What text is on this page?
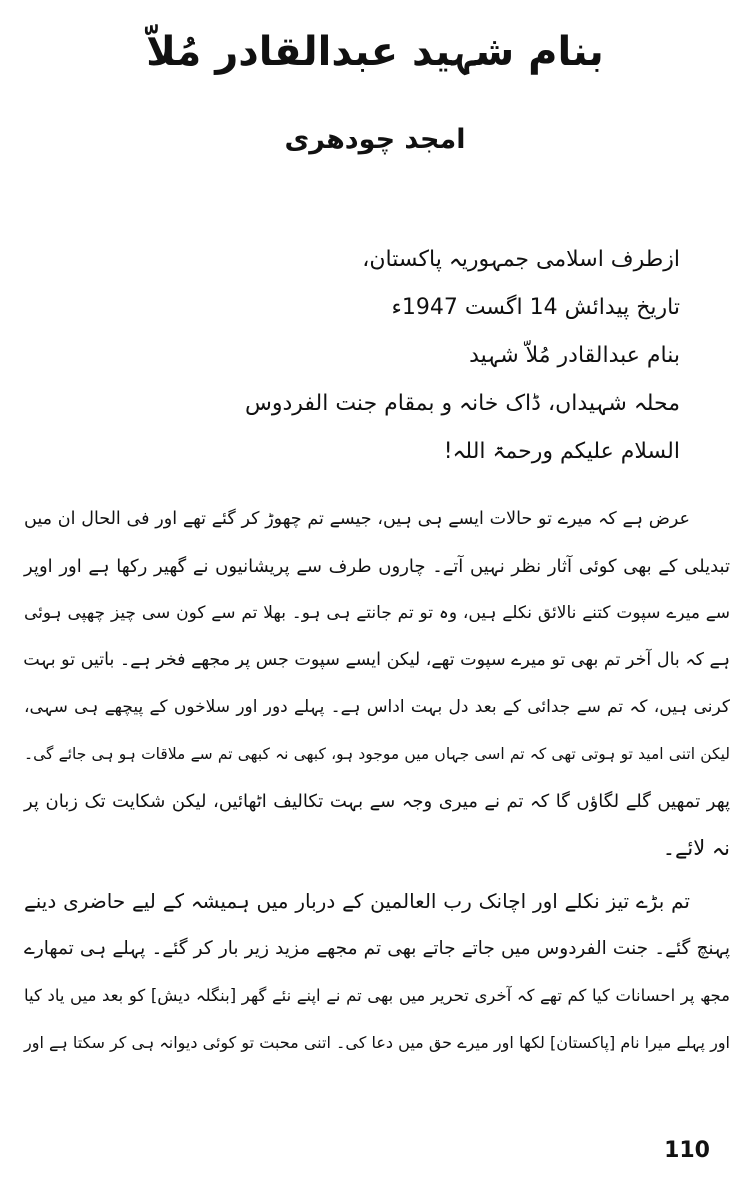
بنام شہید عبدالقادر مُلاّ
امجد چودھری
ازطرف اسلامی جمہوریہ پاکستان،
تاریخ پیدائش 14 اگست 1947ء
بنام عبدالقادر مُلاّ شہید
محلہ شہیداں، ڈاک خانہ و بمقام جنت الفردوس
السلام علیکم ورحمۃ اللہ!
عرض ہے کہ میرے تو حالات ایسے ہی ہیں، جیسے تم چھوڑ کر گئے تھے اور فی الحال ان میں
تبدیلی کے بھی کوئی آثار نظر نہیں آتے۔ چاروں طرف سے پریشانیوں نے گھیر رکھا ہے اور اوپر
سے میرے سپوت کتنے نالائق نکلے ہیں، وہ تو تم جانتے ہی ہو۔ بھلا تم سے کون سی چیز چھپی ہوئی
ہے کہ بال آخر تم بھی تو میرے سپوت تھے، لیکن ایسے سپوت جس پر مجھے فخر ہے۔ باتیں تو بہت
کرنی ہیں، کہ تم سے جدائی کے بعد دل بہت اداس ہے۔ پہلے دور اور سلاخوں کے پیچھے ہی سہی،
لیکن اتنی امید تو ہوتی تھی کہ تم اسی جہاں میں موجود ہو، کبھی نہ کبھی تم سے ملاقات ہو ہی جائے گی۔
پھر تمھیں گلے لگاؤں گا کہ تم نے میری وجہ سے بہت تکالیف اٹھائیں، لیکن شکایت تک زبان پر
نہ لائے۔
تم بڑے تیز نکلے اور اچانک رب العالمین کے دربار میں ہمیشہ کے لیے حاضری دینے
پہنچ گئے۔ جنت الفردوس میں جاتے جاتے بھی تم مجھے مزید زیر بار کر گئے۔ پہلے ہی تمھارے
مجھ پر احسانات کیا کم تھے کہ آخری تحریر میں بھی تم نے اپنے نئے گھر [بنگلہ دیش] کو بعد میں یاد کیا
اور پہلے میرا نام [پاکستان] لکھا اور میرے حق میں دعا کی۔ اتنی محبت تو کوئی دیوانہ ہی کر سکتا ہے اور
110
